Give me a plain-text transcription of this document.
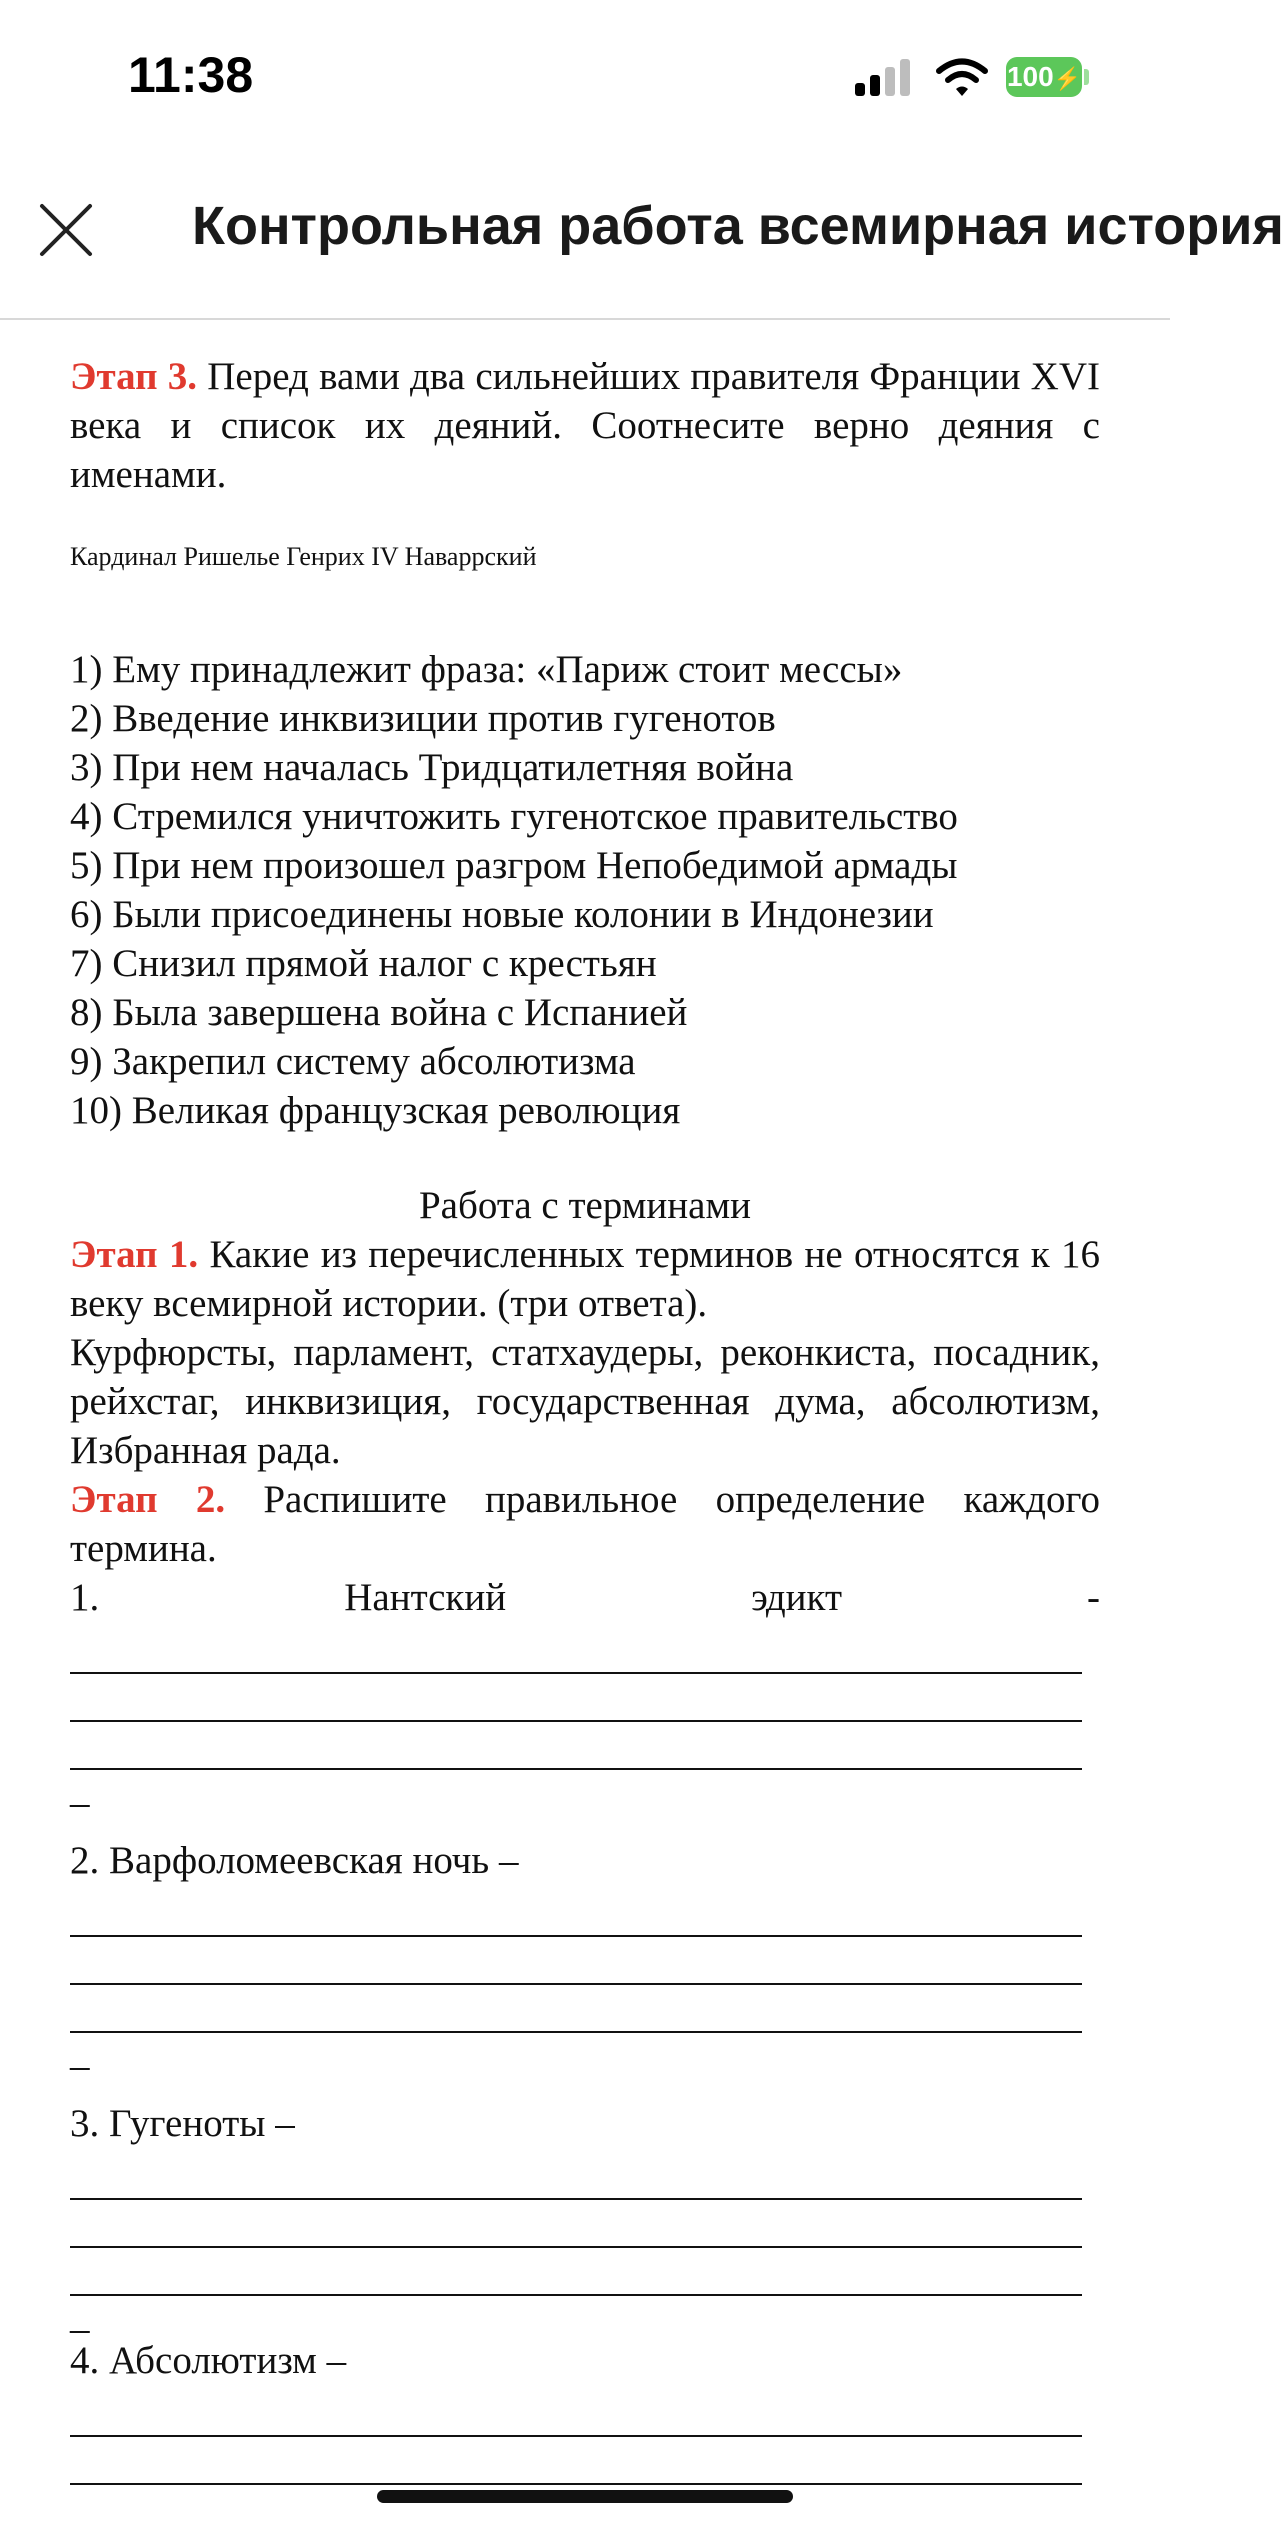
11:38	100⚡
Контрольная работа всемирная история

Этап 3. Перед вами два сильнейших правителя Франции XVI века и список их деяний. Соотнесите верно деяния с именами.

Кардинал Ришелье Генрих IV Наваррский

1) Ему принадлежит фраза: «Париж стоит мессы»

2) Введение инквизиции против гугенотов

3) При нем началась Тридцатилетняя война

4) Стремился уничтожить гугенотское правительство

5) При нем произошел разгром Непобедимой армады

6) Были присоединены новые колонии в Индонезии

7) Снизил прямой налог с крестьян

8) Была завершена война с Испанией

9) Закрепил систему абсолютизма

10) Великая французская революция

Работа с терминами

Этап 1. Какие из перечисленных терминов не относятся к 16 веку всемирной истории. (три ответа).

Курфюрсты, парламент, статхаудеры, реконкиста, посадник, рейхстаг, инквизиция, государственная дума, абсолютизм, Избранная рада.

Этап 2. Распишите правильное определение каждого термина.

1.	Нантский	эдикт	-
_
2. Варфоломеевская ночь –
_
3. Гугеноты –
_
4. Абсолютизм –
